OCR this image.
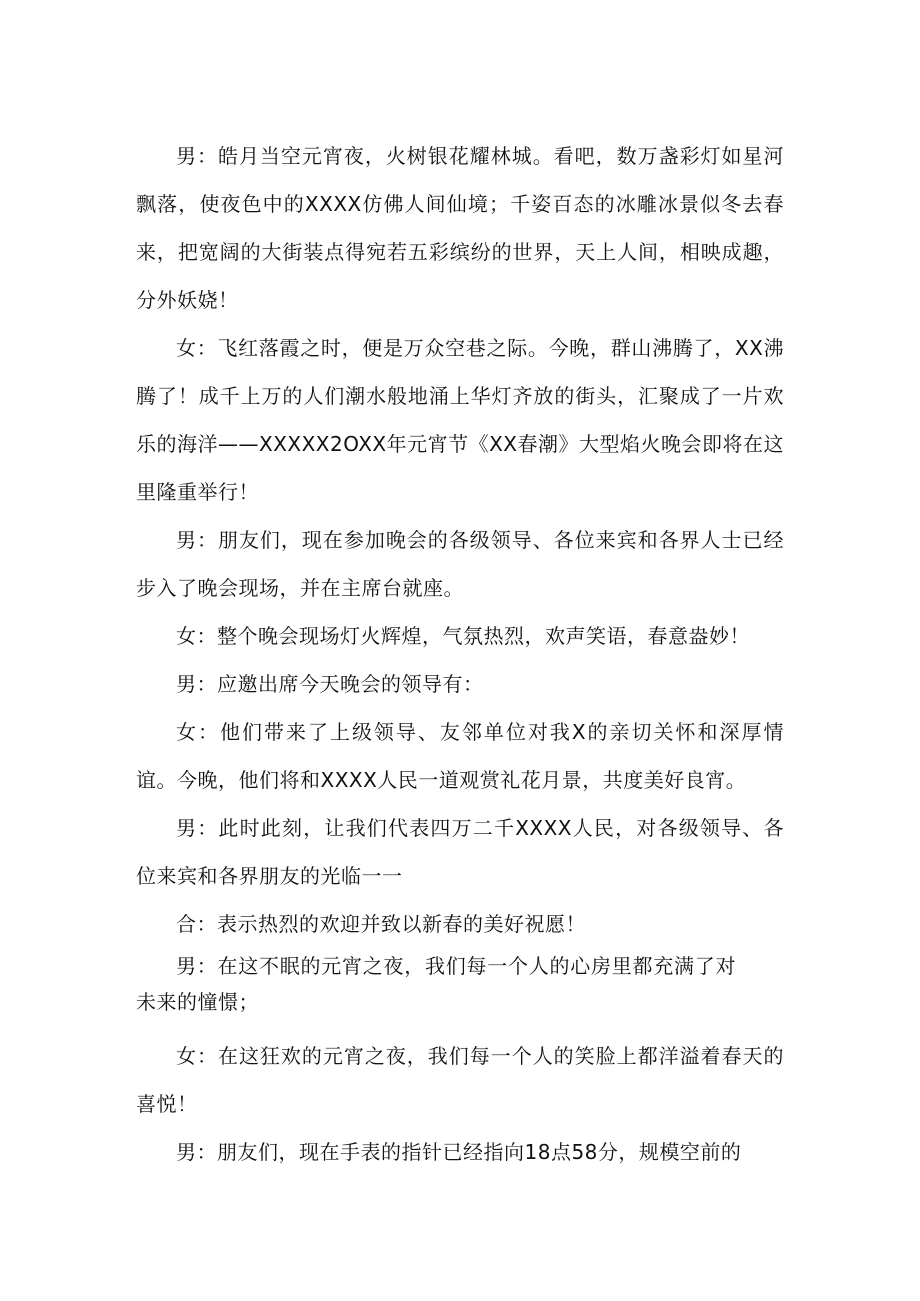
男：皓月当空元宵夜，火树银花耀林城。看吧，数万盏彩灯如星河飘落，使夜色中的XXXX仿佛人间仙境；千姿百态的冰雕冰景似冬去春来，把宽阔的大街装点得宛若五彩缤纷的世界，天上人间，相映成趣，分外妖娆！

女：飞红落霞之时，便是万众空巷之际。今晚，群山沸腾了，XX沸腾了！成千上万的人们潮水般地涌上华灯齐放的街头，汇聚成了一片欢乐的海洋——XXXXX2OXX年元宵节《XX春潮》大型焰火晚会即将在这里隆重举行！

男：朋友们，现在参加晚会的各级领导、各位来宾和各界人士已经步入了晚会现场，并在主席台就座。

女：整个晚会现场灯火辉煌，气氛热烈，欢声笑语，春意盎妙！

男：应邀出席今天晚会的领导有：

女：他们带来了上级领导、友邻单位对我X的亲切关怀和深厚情谊。今晚，他们将和XXXX人民一道观赏礼花月景，共度美好良宵。

男：此时此刻，让我们代表四万二千XXXX人民，对各级领导、各位来宾和各界朋友的光临一一

合：表示热烈的欢迎并致以新春的美好祝愿！

男：在这不眠的元宵之夜，我们每一个人的心房里都充满了对未来的憧憬；

女：在这狂欢的元宵之夜，我们每一个人的笑脸上都洋溢着春天的喜悦！

男：朋友们，现在手表的指针已经指向18点58分，规模空前的
